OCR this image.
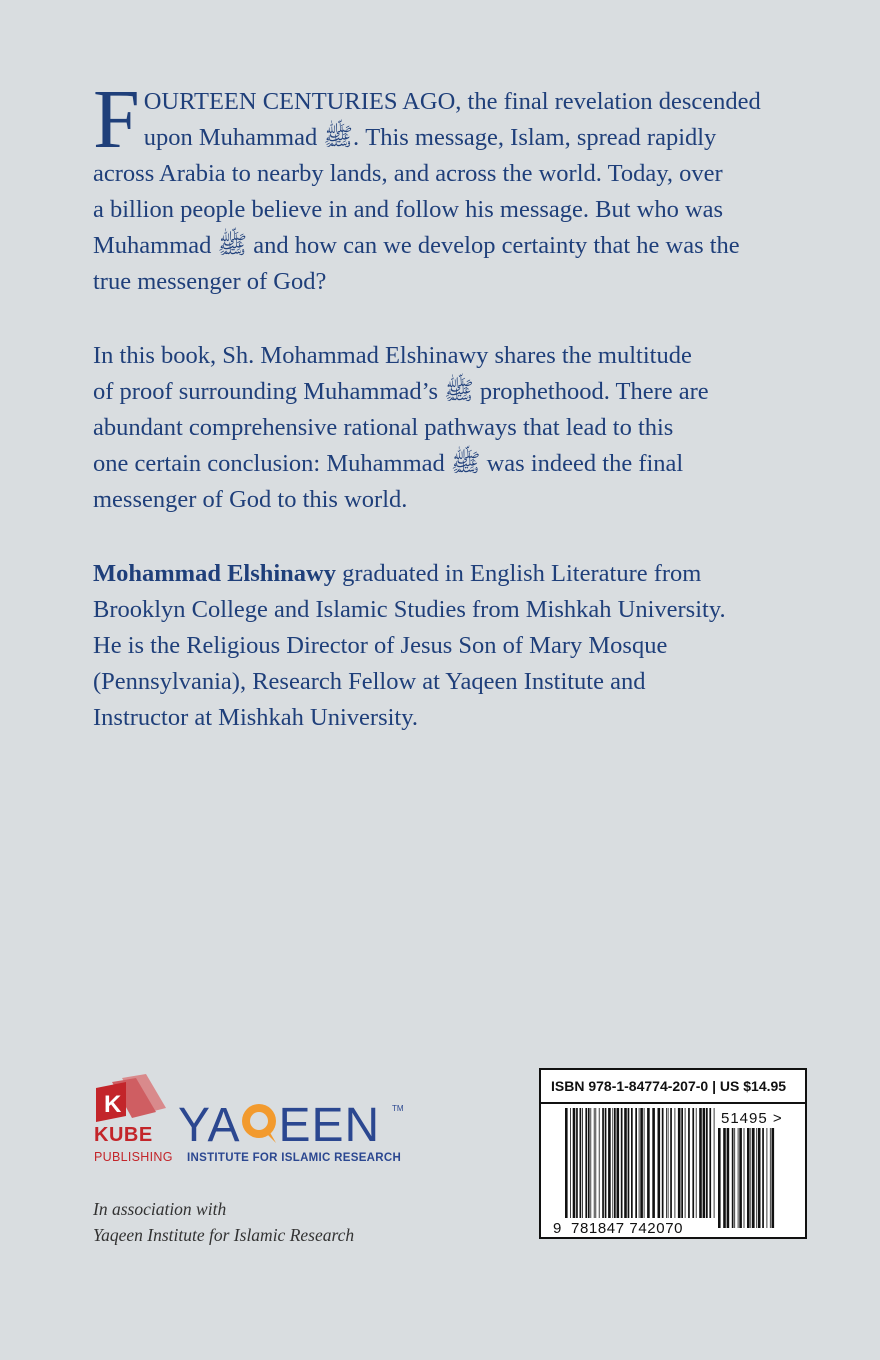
F OURTEEN CENTURIES AGO, the final revelation descended
upon Muhammad ﷺ. This message, Islam, spread rapidly
across Arabia to nearby lands, and across the world. Today, over
a billion people believe in and follow his message. But who was
Muhammad ﷺ and how can we develop certainty that he was the
true messenger of God?

In this book, Sh. Mohammad Elshinawy shares the multitude
of proof surrounding Muhammad’s ﷺ prophethood. There are
abundant comprehensive rational pathways that lead to this
one certain conclusion: Muhammad ﷺ was indeed the final
messenger of God to this world.

Mohammad Elshinawy graduated in English Literature from
Brooklyn College and Islamic Studies from Mishkah University.
He is the Religious Director of Jesus Son of Mary Mosque
(Pennsylvania), Research Fellow at Yaqeen Institute and
Instructor at Mishkah University.

K
KUBE
PUBLISHING
YA EEN TM
INSTITUTE FOR ISLAMIC RESEARCH
In association with
Yaqeen Institute for Islamic Research
ISBN 978-1-84774-207-0 | US $14.95
51495 >
9 781847 742070
